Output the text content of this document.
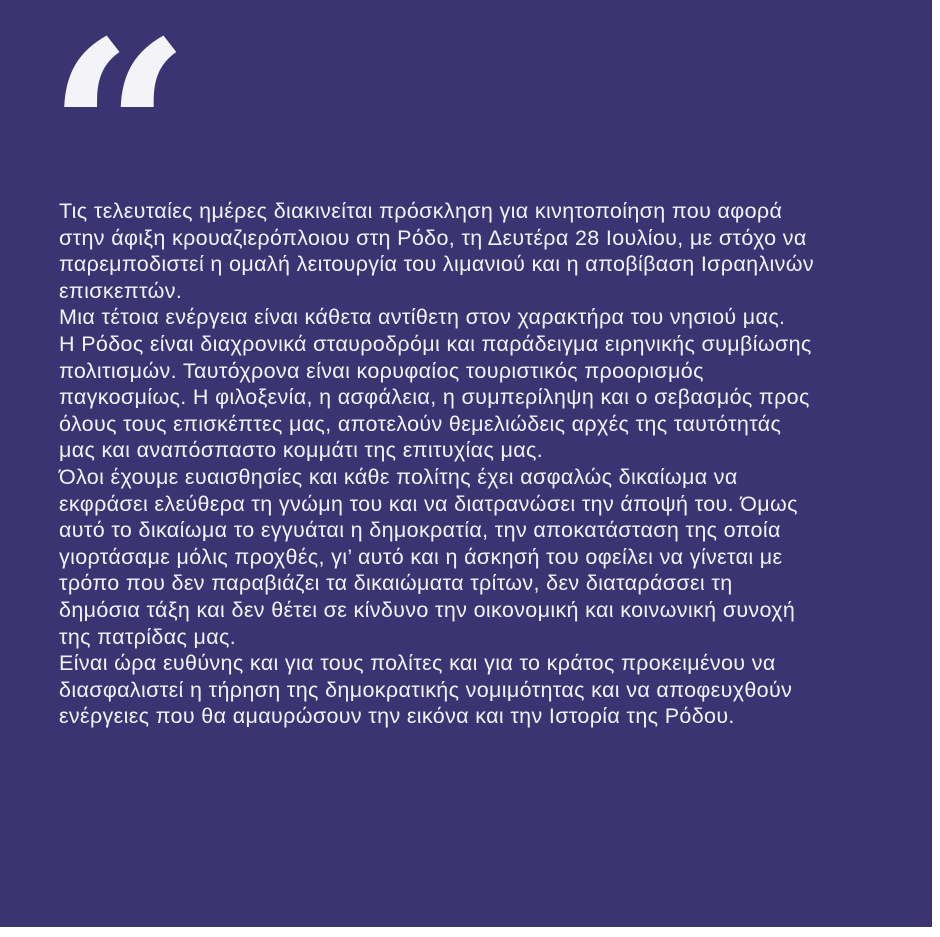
“
Τις τελευταίες ημέρες διακινείται πρόσκληση για κινητοποίηση που αφορά
στην άφιξη κρουαζιερόπλοιου στη Ρόδο, τη Δευτέρα 28 Ιουλίου, με στόχο να
παρεμποδιστεί η ομαλή λειτουργία του λιμανιού και η αποβίβαση Ισραηλινών
επισκεπτών.
Μια τέτοια ενέργεια είναι κάθετα αντίθετη στον χαρακτήρα του νησιού μας.
Η Ρόδος είναι διαχρονικά σταυροδρόμι και παράδειγμα ειρηνικής συμβίωσης
πολιτισμών. Ταυτόχρονα είναι κορυφαίος τουριστικός προορισμός
παγκοσμίως. Η φιλοξενία, η ασφάλεια, η συμπερίληψη και ο σεβασμός προς
όλους τους επισκέπτες μας, αποτελούν θεμελιώδεις αρχές της ταυτότητάς
μας και αναπόσπαστο κομμάτι της επιτυχίας μας.
Όλοι έχουμε ευαισθησίες και κάθε πολίτης έχει ασφαλώς δικαίωμα να
εκφράσει ελεύθερα τη γνώμη του και να διατρανώσει την άποψή του. Όμως
αυτό το δικαίωμα το εγγυάται η δημοκρατία, την αποκατάσταση της οποία
γιορτάσαμε μόλις προχθές, γι’ αυτό και η άσκησή του οφείλει να γίνεται με
τρόπο που δεν παραβιάζει τα δικαιώματα τρίτων, δεν διαταράσσει τη
δημόσια τάξη και δεν θέτει σε κίνδυνο την οικονομική και κοινωνική συνοχή
της πατρίδας μας.
Είναι ώρα ευθύνης και για τους πολίτες και για το κράτος προκειμένου να
διασφαλιστεί η τήρηση της δημοκρατικής νομιμότητας και να αποφευχθούν
ενέργειες που θα αμαυρώσουν την εικόνα και την Ιστορία της Ρόδου.
